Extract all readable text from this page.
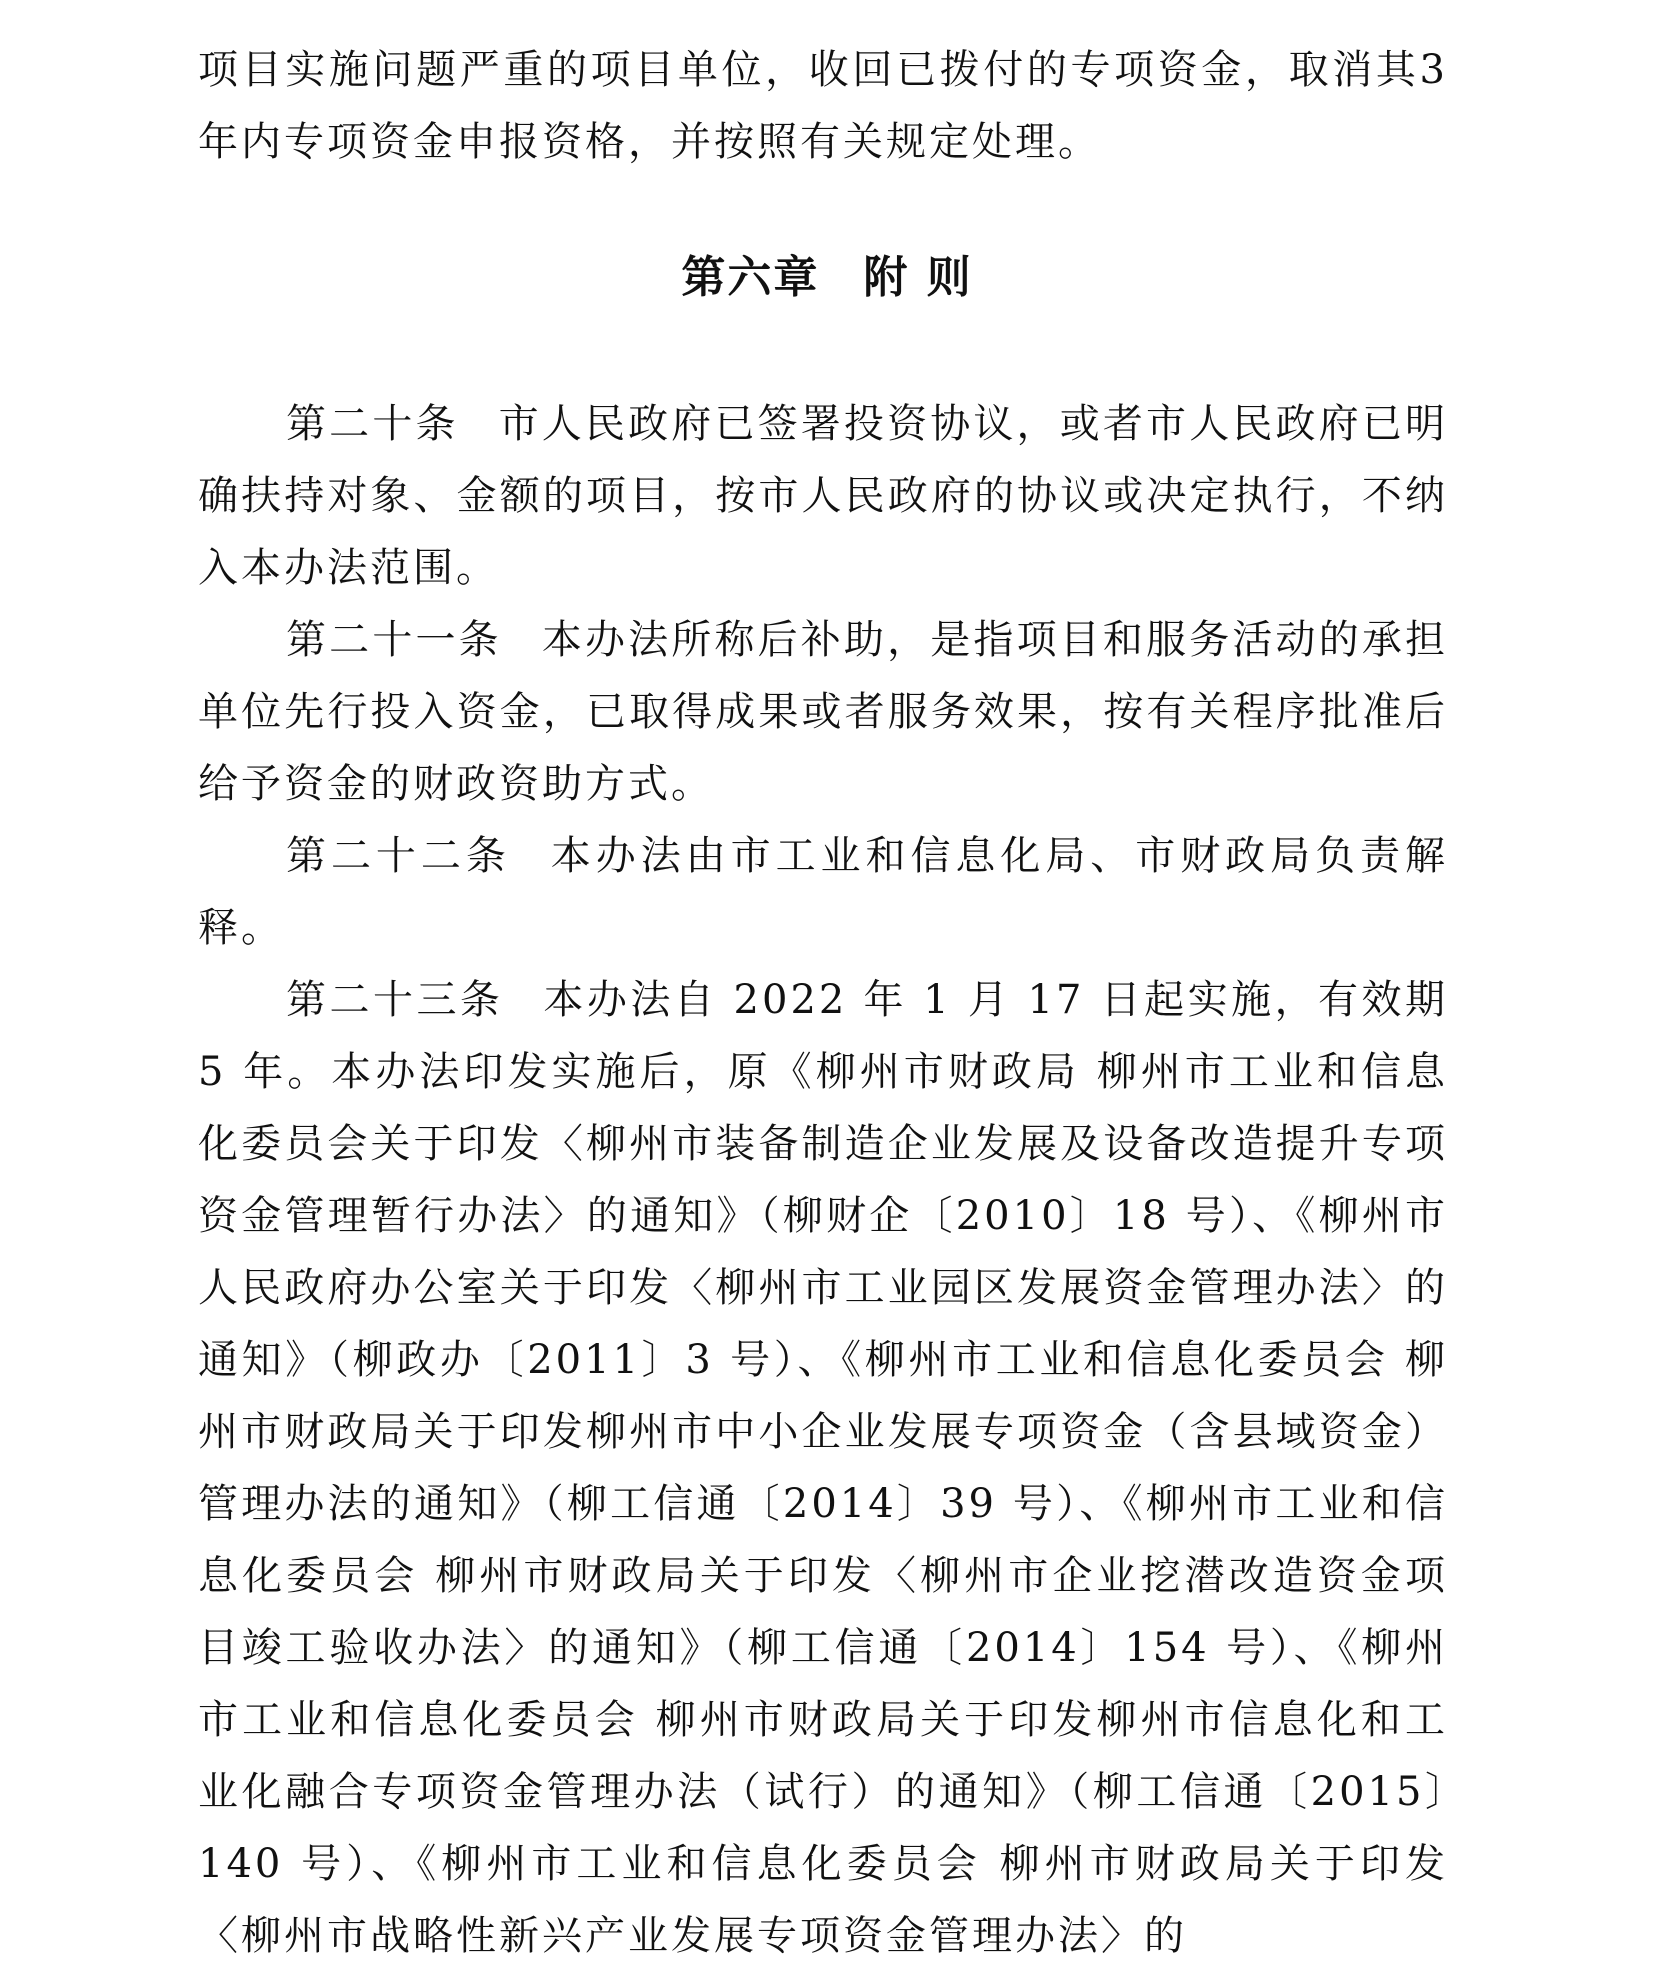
项目实施问题严重的项目单位，收回已拨付的专项资金，取消其3年内专项资金申报资格，并按照有关规定处理。

第六章 附 则

第二十条 市人民政府已签署投资协议，或者市人民政府已明确扶持对象、金额的项目，按市人民政府的协议或决定执行，不纳入本办法范围。

第二十一条 本办法所称后补助，是指项目和服务活动的承担单位先行投入资金，已取得成果或者服务效果，按有关程序批准后给予资金的财政资助方式。

第二十二条 本办法由市工业和信息化局、市财政局负责解释。

第二十三条 本办法自 2022 年 1 月 17 日起实施，有效期 5 年。本办法印发实施后，原《柳州市财政局 柳州市工业和信息化委员会关于印发〈柳州市装备制造企业发展及设备改造提升专项资金管理暂行办法〉的通知》（柳财企〔2010〕18 号）、《柳州市人民政府办公室关于印发〈柳州市工业园区发展资金管理办法〉的通知》（柳政办〔2011〕3 号）、《柳州市工业和信息化委员会 柳州市财政局关于印发柳州市中小企业发展专项资金（含县域资金）管理办法的通知》（柳工信通〔2014〕39 号）、《柳州市工业和信息化委员会 柳州市财政局关于印发〈柳州市企业挖潜改造资金项目竣工验收办法〉的通知》（柳工信通〔2014〕154 号）、《柳州市工业和信息化委员会 柳州市财政局关于印发柳州市信息化和工业化融合专项资金管理办法（试行）的通知》（柳工信通〔2015〕140 号）、《柳州市工业和信息化委员会 柳州市财政局关于印发〈柳州市战略性新兴产业发展专项资金管理办法〉的
